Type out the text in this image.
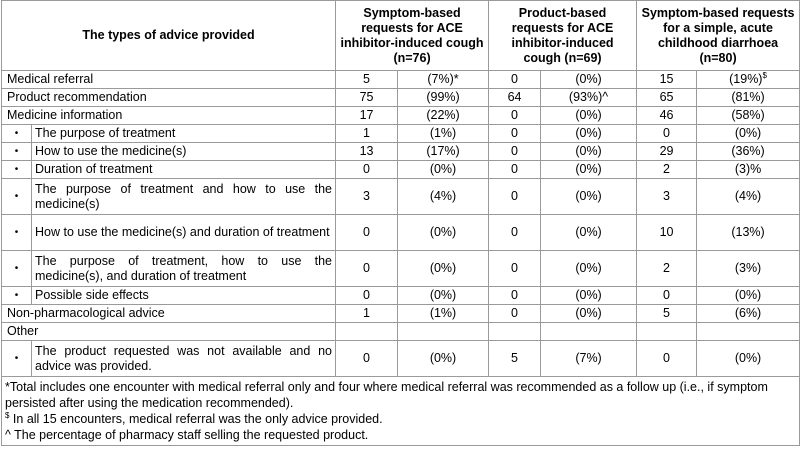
The types of advice provided		Symptom-based requests for ACE inhibitor-induced cough (n=76)		Product-based requests for ACE inhibitor-induced cough (n=69)		Symptom-based requests for a simple, acute childhood diarrhoea (n=80)	
Medical referral		5	(7%)*	0	(0%)	15	(19%)$
Product recommendation		75	(99%)	64	(93%)^	65	(81%)
Medicine information		17	(22%)	0	(0%)	46	(58%)
•	The purpose of treatment	1	(1%)	0	(0%)	0	(0%)
•	How to use the medicine(s)	13	(17%)	0	(0%)	29	(36%)
•	Duration of treatment	0	(0%)	0	(0%)	2	(3)%
•	The purpose of treatment and how to use the medicine(s)	3	(4%)	0	(0%)	3	(4%)
•	How to use the medicine(s) and duration of treatment	0	(0%)	0	(0%)	10	(13%)
•	The purpose of treatment, how to use the medicine(s), and duration of treatment	0	(0%)	0	(0%)	2	(3%)
•	Possible side effects	0	(0%)	0	(0%)	0	(0%)
Non-pharmacological advice		1	(1%)	0	(0%)	5	(6%)
Other							
•	The product requested was not available and no advice was provided.	0	(0%)	5	(7%)	0	(0%)

*Total includes one encounter with medical referral only and four where medical referral was recommended as a follow up (i.e., if symptom persisted after using the medication recommended).
$ In all 15 encounters, medical referral was the only advice provided.
^ The percentage of pharmacy staff selling the requested product.							
